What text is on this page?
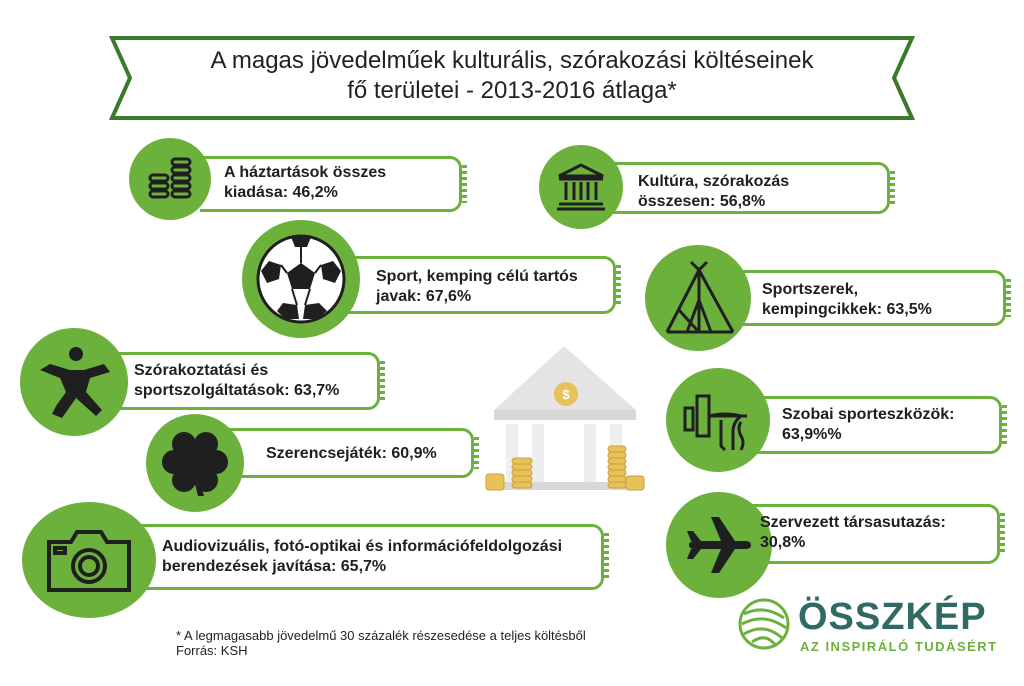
A magas jövedelműek kulturális, szórakozási költéseinek
fő területei - 2013-2016 átlaga*
A háztartások összes
kiadása: 46,2%
Kultúra, szórakozás
összesen: 56,8%
Sport, kemping célú tartós
javak: 67,6%	Sportszerek,
kempingcikkek: 63,5%
Szórakoztatási és
sportszolgáltatások: 63,7%
Szobai sporteszközök:
63,9%%
Szerencsejáték: 60,9%
Szervezett társasutazás:
30,8%
Audiovizuális, fotó-optikai és információfeldolgozási
berendezések javítása: 65,7%
$
* A legmagasabb jövedelmű 30 százalék részesedése a teljes költésből
Forrás: KSH
ÖSSZKÉP
AZ INSPIRÁLÓ TUDÁSÉRT
